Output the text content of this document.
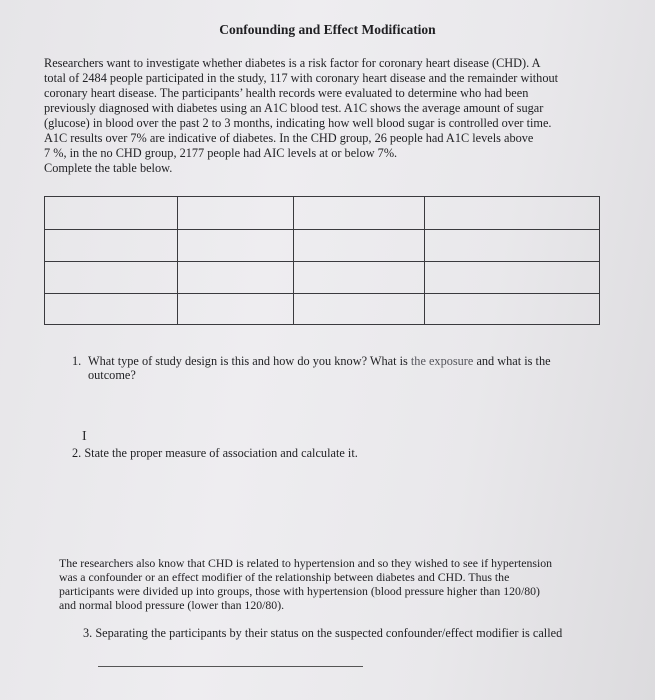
Confounding and Effect Modification

Researchers want to investigate whether diabetes is a risk factor for coronary heart disease (CHD). A

total of 2484 people participated in the study, 117 with coronary heart disease and the remainder without

coronary heart disease. The participants’ health records were evaluated to determine who had been

previously diagnosed with diabetes using an A1C blood test. A1C shows the average amount of sugar

(glucose) in blood over the past 2 to 3 months, indicating how well blood sugar is controlled over time.

A1C results over 7% are indicative of diabetes. In the CHD group, 26 people had A1C levels above

7 %, in the no CHD group, 2177 people had AIC levels at or below 7%.

Complete the table below.

1. What type of study design is this and how do you know? What is the exposure and what is the
outcome?
I
2. State the proper measure of association and calculate it.

The researchers also know that CHD is related to hypertension and so they wished to see if hypertension

was a confounder or an effect modifier of the relationship between diabetes and CHD. Thus the

participants were divided up into groups, those with hypertension (blood pressure higher than 120/80)

and normal blood pressure (lower than 120/80).

3. Separating the participants by their status on the suspected confounder/effect modifier is called
